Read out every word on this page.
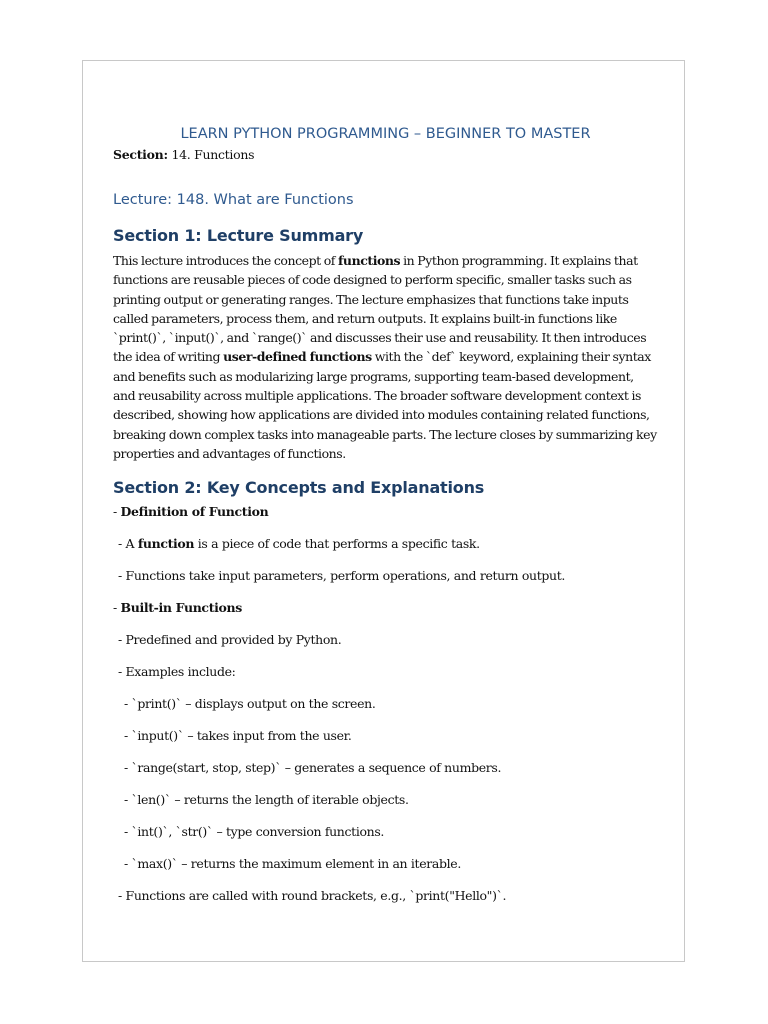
LEARN PYTHON PROGRAMMING – BEGINNER TO MASTER

Section: 14. Functions

Lecture: 148. What are Functions

Section 1: Lecture Summary

This lecture introduces the concept of functions in Python programming. It explains that functions are reusable pieces of code designed to perform specific, smaller tasks such as printing output or generating ranges. The lecture emphasizes that functions take inputs called parameters, process them, and return outputs. It explains built-in functions like `print()`, `input()`, and `range()` and discusses their use and reusability. It then introduces the idea of writing user-defined functions with the `def` keyword, explaining their syntax and benefits such as modularizing large programs, supporting team-based development, and reusability across multiple applications. The broader software development context is described, showing how applications are divided into modules containing related functions, breaking down complex tasks into manageable parts. The lecture closes by summarizing key properties and advantages of functions.

Section 2: Key Concepts and Explanations

- Definition of Function

- A function is a piece of code that performs a specific task.

- Functions take input parameters, perform operations, and return output.

- Built-in Functions

- Predefined and provided by Python.

- Examples include:

- `print()` – displays output on the screen.

- `input()` – takes input from the user.

- `range(start, stop, step)` – generates a sequence of numbers.

- `len()` – returns the length of iterable objects.

- `int()`, `str()` – type conversion functions.

- `max()` – returns the maximum element in an iterable.

- Functions are called with round brackets, e.g., `print("Hello")`.
